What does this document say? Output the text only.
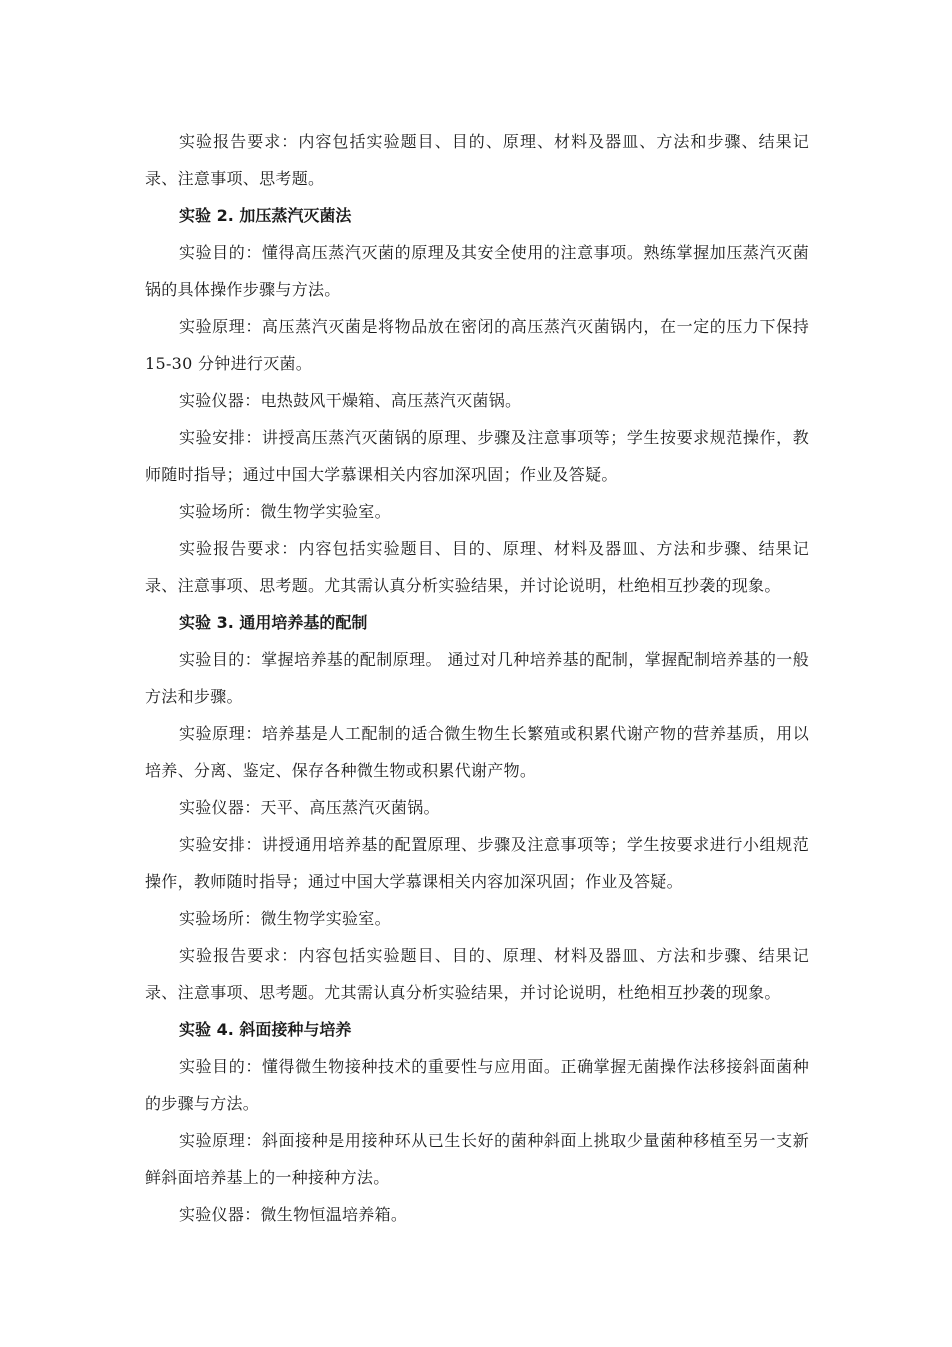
实验报告要求：内容包括实验题目、目的、原理、材料及器皿、方法和步骤、结果记录、注意事项、思考题。

实验 2. 加压蒸汽灭菌法

实验目的：懂得高压蒸汽灭菌的原理及其安全使用的注意事项。熟练掌握加压蒸汽灭菌锅的具体操作步骤与方法。

实验原理：高压蒸汽灭菌是将物品放在密闭的高压蒸汽灭菌锅内，在一定的压力下保持 15-30 分钟进行灭菌。

实验仪器：电热鼓风干燥箱、高压蒸汽灭菌锅。

实验安排：讲授高压蒸汽灭菌锅的原理、步骤及注意事项等；学生按要求规范操作，教师随时指导；通过中国大学慕课相关内容加深巩固；作业及答疑。

实验场所：微生物学实验室。

实验报告要求：内容包括实验题目、目的、原理、材料及器皿、方法和步骤、结果记录、注意事项、思考题。尤其需认真分析实验结果，并讨论说明，杜绝相互抄袭的现象。

实验 3. 通用培养基的配制

实验目的：掌握培养基的配制原理。 通过对几种培养基的配制，掌握配制培养基的一般方法和步骤。

实验原理：培养基是人工配制的适合微生物生长繁殖或积累代谢产物的营养基质，用以培养、分离、鉴定、保存各种微生物或积累代谢产物。

实验仪器：天平、高压蒸汽灭菌锅。

实验安排：讲授通用培养基的配置原理、步骤及注意事项等；学生按要求进行小组规范操作，教师随时指导；通过中国大学慕课相关内容加深巩固；作业及答疑。

实验场所：微生物学实验室。

实验报告要求：内容包括实验题目、目的、原理、材料及器皿、方法和步骤、结果记录、注意事项、思考题。尤其需认真分析实验结果，并讨论说明，杜绝相互抄袭的现象。

实验 4. 斜面接种与培养

实验目的：懂得微生物接种技术的重要性与应用面。正确掌握无菌操作法移接斜面菌种的步骤与方法。

实验原理：斜面接种是用接种环从已生长好的菌种斜面上挑取少量菌种移植至另一支新鲜斜面培养基上的一种接种方法。

实验仪器：微生物恒温培养箱。
